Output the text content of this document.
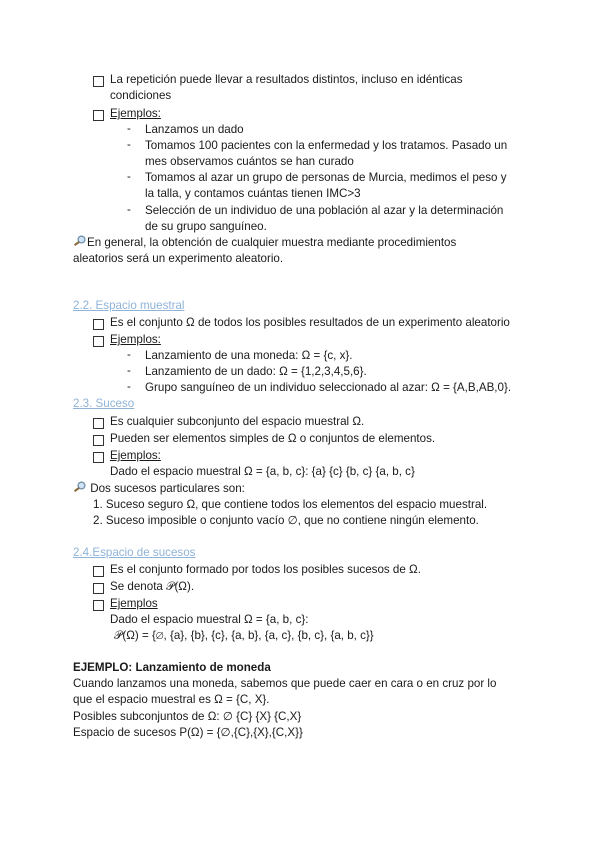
La repetición puede llevar a resultados distintos, incluso en idénticas
condiciones
Ejemplos:
- Lanzamos un dado
- Tomamos 100 pacientes con la enfermedad y los tratamos. Pasado un
mes observamos cuántos se han curado
- Tomamos al azar un grupo de personas de Murcia, medimos el peso y
la talla, y contamos cuántas tienen IMC>3
- Selección de un individuo de una población al azar y la determinación
de su grupo sanguíneo.
En general, la obtención de cualquier muestra mediante procedimientos
aleatorios será un experimento aleatorio.
2.2. Espacio muestral
Es el conjunto Ω de todos los posibles resultados de un experimento aleatorio
Ejemplos:
- Lanzamiento de una moneda: Ω = {c, x}.
- Lanzamiento de un dado: Ω = {1,2,3,4,5,6}.
- Grupo sanguíneo de un individuo seleccionado al azar: Ω = {A,B,AB,0}.
2.3. Suceso
Es cualquier subconjunto del espacio muestral Ω.
Pueden ser elementos simples de Ω o conjuntos de elementos.
Ejemplos:
Dado el espacio muestral Ω = {a, b, c}: {a} {c} {b, c} {a, b, c}
Dos sucesos particulares son:
1. Suceso seguro Ω, que contiene todos los elementos del espacio muestral.
2. Suceso imposible o conjunto vacío ∅, que no contiene ningún elemento.
2.4.Espacio de sucesos
Es el conjunto formado por todos los posibles sucesos de Ω.
Se denota 𝒫(Ω).
Ejemplos
Dado el espacio muestral Ω = {a, b, c}:
𝒫(Ω) = {∅, {a}, {b}, {c}, {a, b}, {a, c}, {b, c}, {a, b, c}}
EJEMPLO: Lanzamiento de moneda
Cuando lanzamos una moneda, sabemos que puede caer en cara o en cruz por lo
que el espacio muestral es Ω = {C, X}.
Posibles subconjuntos de Ω: ∅ {C} {X} {C,X}
Espacio de sucesos P(Ω) = {∅,{C},{X},{C,X}}
